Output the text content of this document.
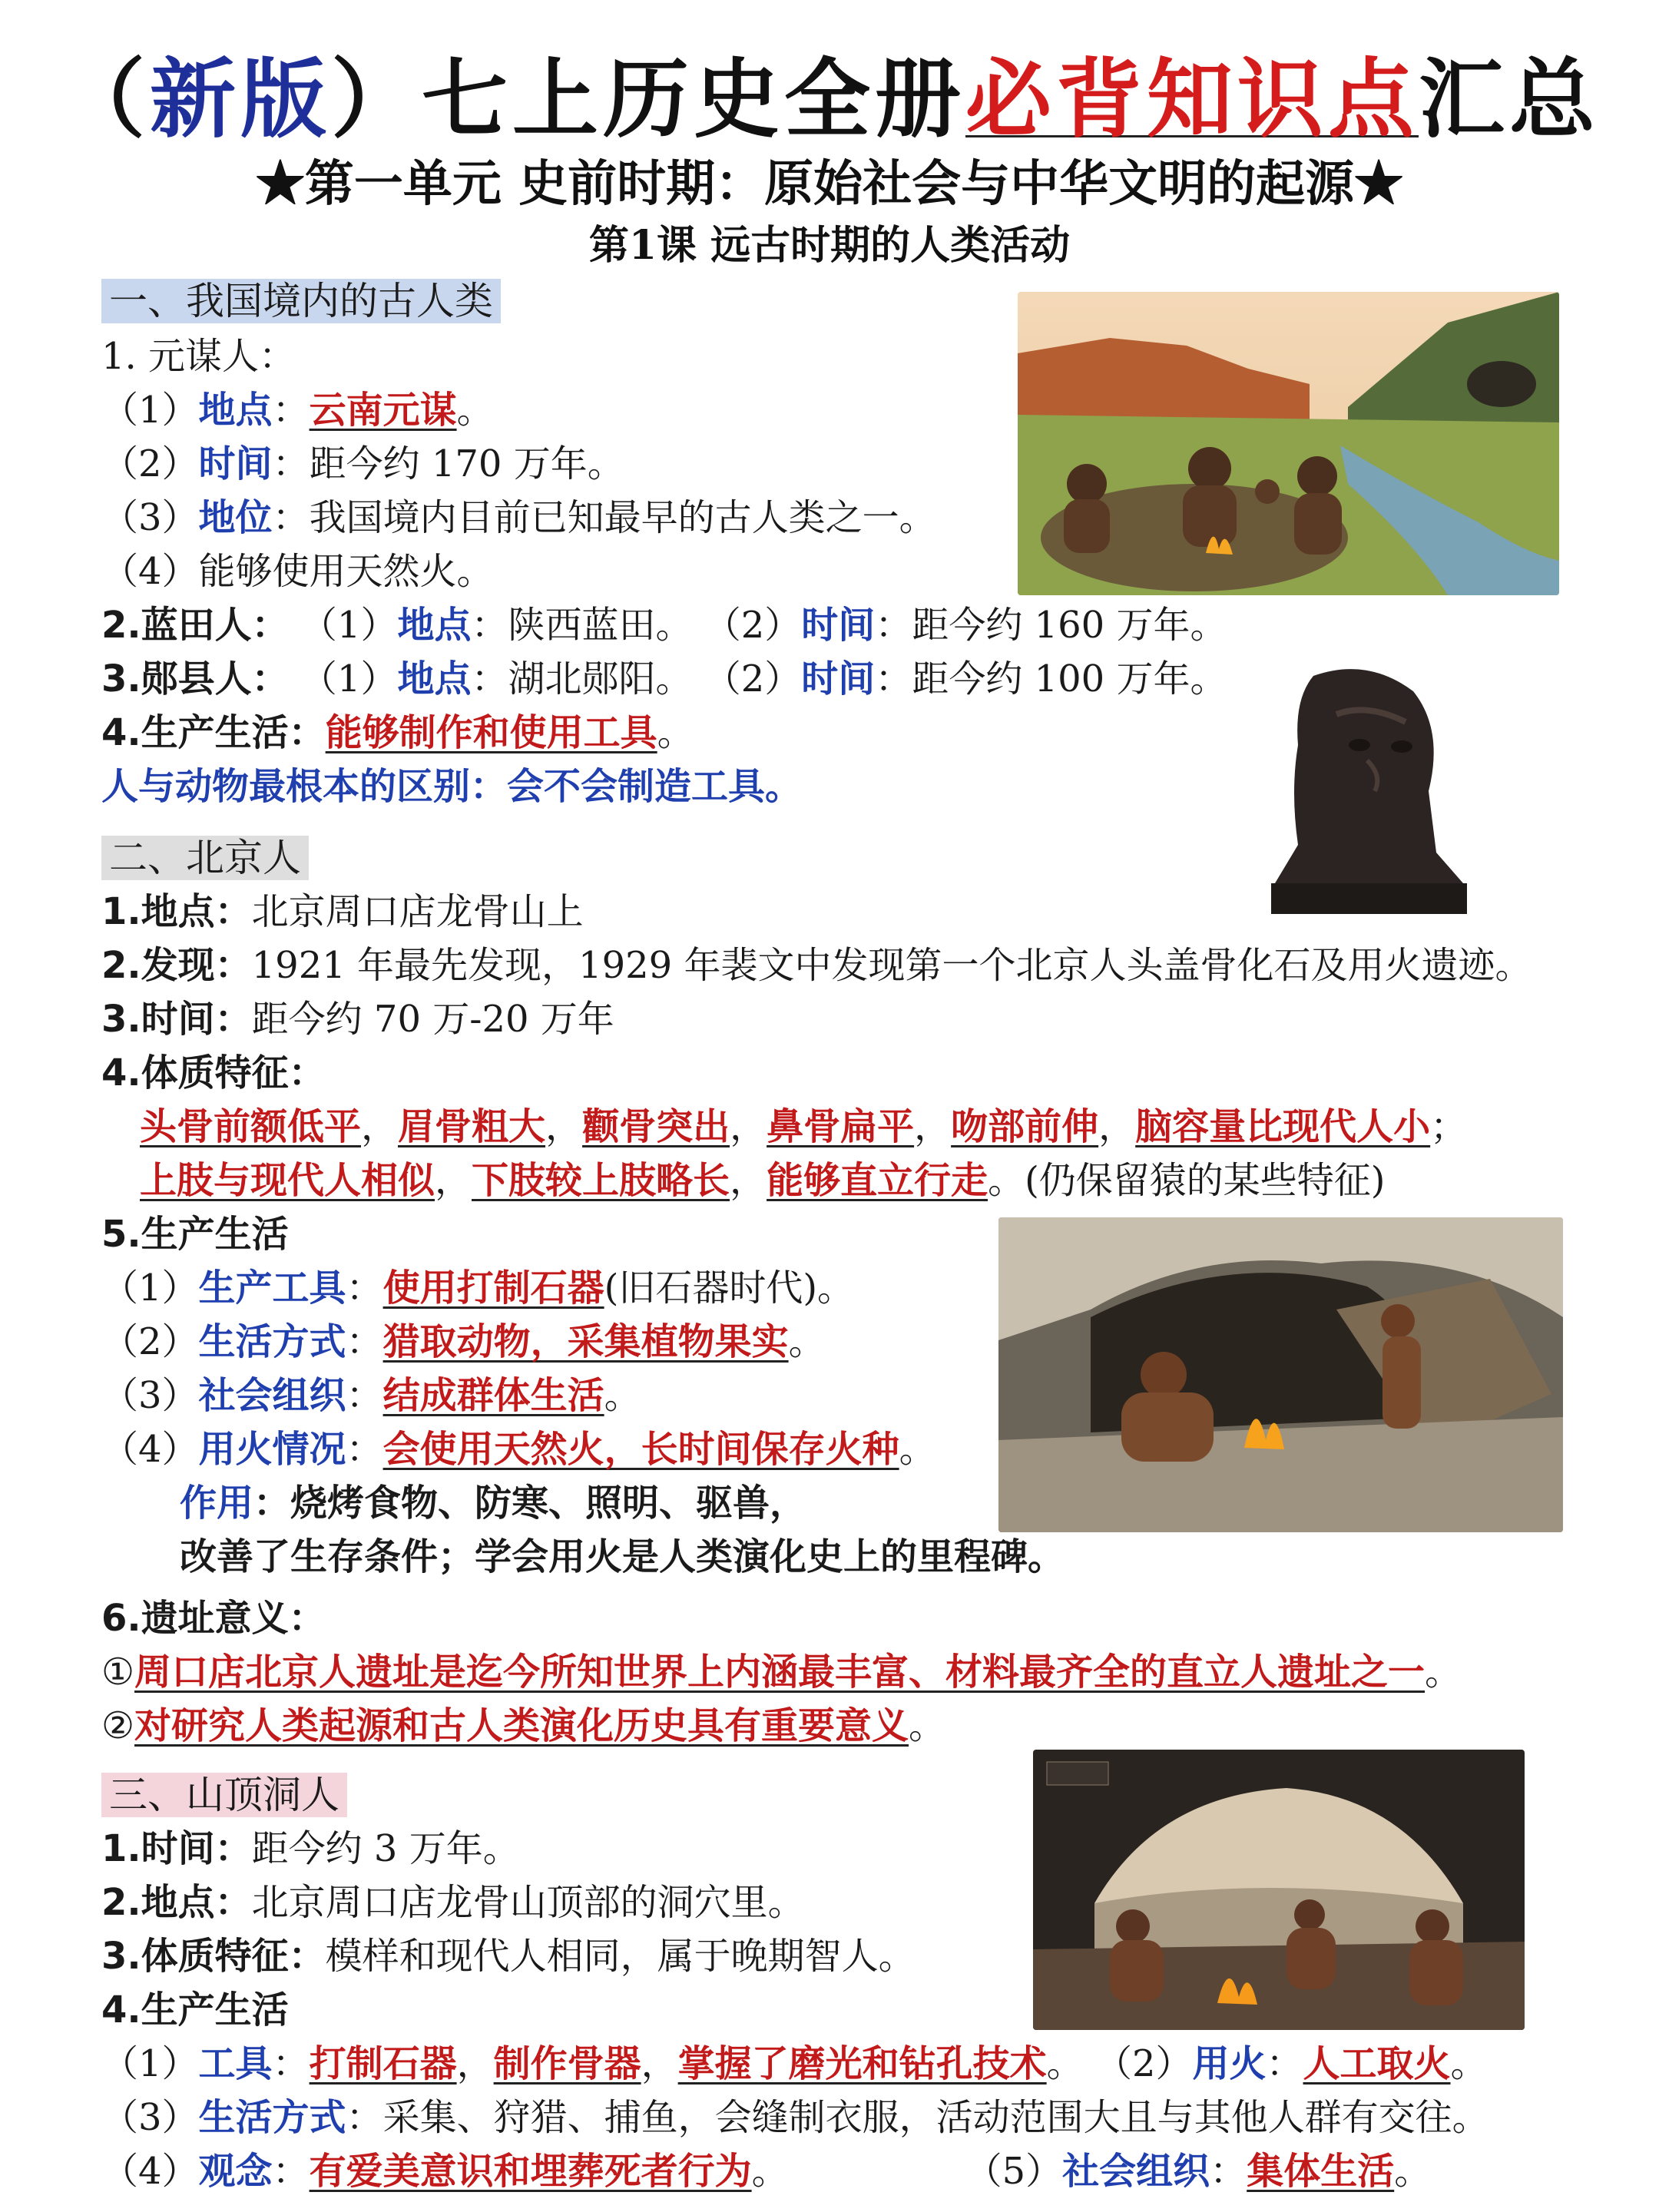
（新版）七上历史全册必背知识点汇总
★第一单元 史前时期：原始社会与中华文明的起源★
第1课 远古时期的人类活动
一、我国境内的古人类
1. 元谋人：
（1）地点：云南元谋。
（2）时间：距今约 170 万年。
（3）地位：我国境内目前已知最早的古人类之一。
（4）能够使用天然火。
2.蓝田人： （1）地点：陕西蓝田。 （2）时间：距今约 160 万年。
3.郧县人： （1）地点：湖北郧阳。 （2）时间：距今约 100 万年。
4.生产生活：能够制作和使用工具。
人与动物最根本的区别：会不会制造工具。
二、北京人
1.地点：北京周口店龙骨山上
2.发现：1921 年最先发现，1929 年裴文中发现第一个北京人头盖骨化石及用火遗迹。
3.时间：距今约 70 万-20 万年
4.体质特征：
头骨前额低平，眉骨粗大，颧骨突出，鼻骨扁平，吻部前伸，脑容量比现代人小；
上肢与现代人相似，下肢较上肢略长，能够直立行走。(仍保留猿的某些特征)
5.生产生活
（1）生产工具：使用打制石器(旧石器时代)。
（2）生活方式：猎取动物，采集植物果实。
（3）社会组织：结成群体生活。
（4）用火情况：会使用天然火，长时间保存火种。
作用：烧烤食物、防寒、照明、驱兽，
改善了生存条件；学会用火是人类演化史上的里程碑。
6.遗址意义：
①周口店北京人遗址是迄今所知世界上内涵最丰富、材料最齐全的直立人遗址之一。
②对研究人类起源和古人类演化历史具有重要意义。
三、山顶洞人
1.时间：距今约 3 万年。
2.地点：北京周口店龙骨山顶部的洞穴里。
3.体质特征：模样和现代人相同，属于晚期智人。
4.生产生活
（1）工具：打制石器，制作骨器，掌握了磨光和钻孔技术。 （2）用火：人工取火。
（3）生活方式：采集、狩猎、捕鱼，会缝制衣服，活动范围大且与其他人群有交往。
（4）观念：有爱美意识和埋葬死者行为。	（5）社会组织：集体生活。
